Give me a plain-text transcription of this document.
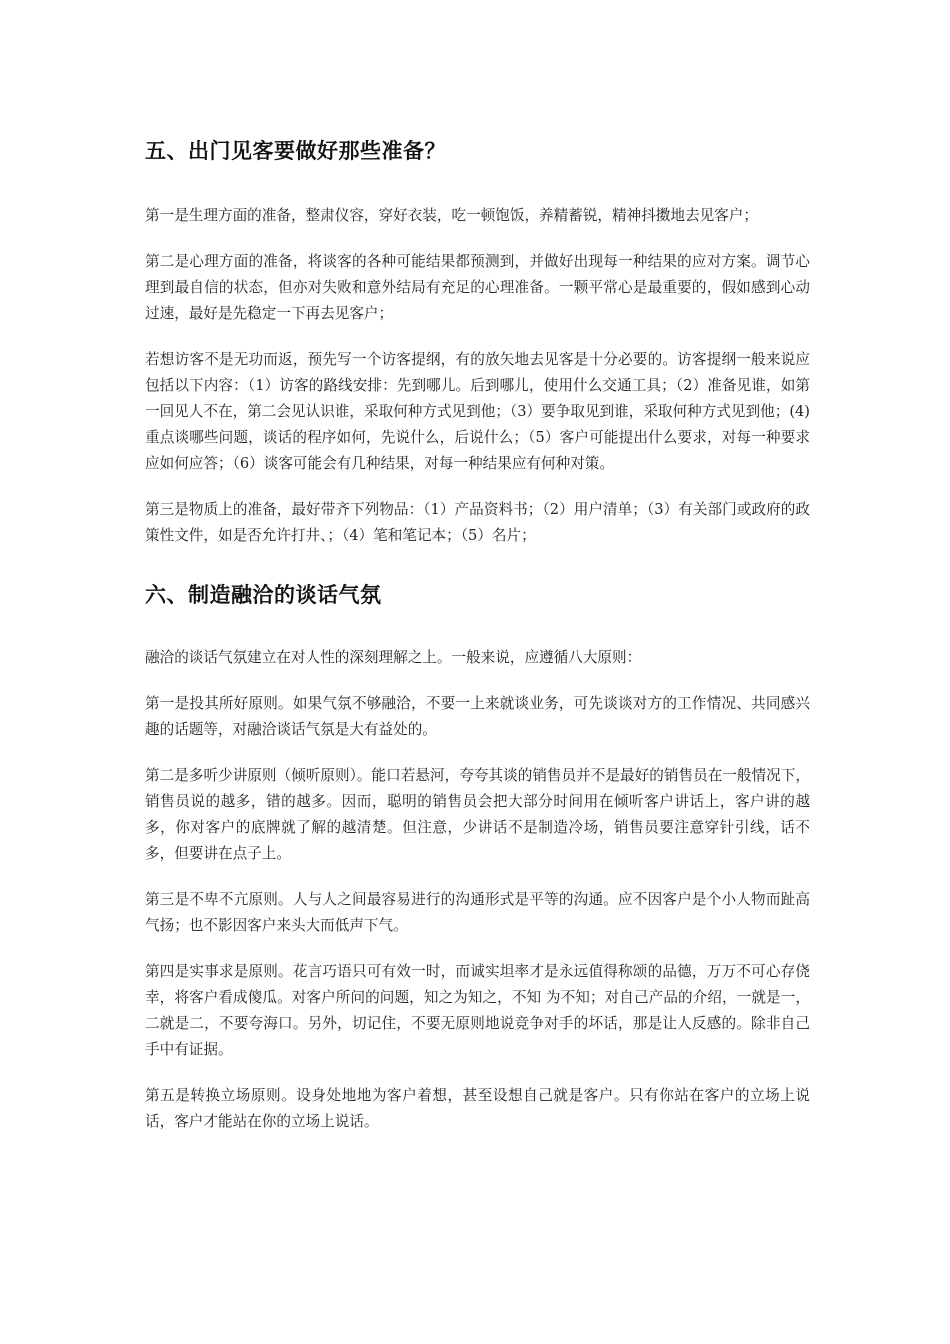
五、出门见客要做好那些准备？

第一是生理方面的准备，整肃仪容，穿好衣装，吃一顿饱饭，养精蓄锐，精神抖擞地去见客户；

第二是心理方面的准备，将谈客的各种可能结果都预测到，并做好出现每一种结果的应对方案。调节心理到最自信的状态，但亦对失败和意外结局有充足的心理准备。一颗平常心是最重要的，假如感到心动过速，最好是先稳定一下再去见客户；

若想访客不是无功而返，预先写一个访客提纲，有的放矢地去见客是十分必要的。访客提纲一般来说应包括以下内容：（1）访客的路线安排：先到哪儿。后到哪儿，使用什么交通工具；（2）准备见谁，如第一回见人不在，第二会见认识谁，采取何种方式见到他；（3）要争取见到谁，采取何种方式见到他；(4)重点谈哪些问题，谈话的程序如何，先说什么，后说什么；（5）客户可能提出什么要求，对每一种要求应如何应答；（6）谈客可能会有几种结果，对每一种结果应有何种对策。

第三是物质上的准备，最好带齐下列物品：（1）产品资料书；（2）用户清单；（3）有关部门或政府的政策性文件，如是否允许打井、；（4）笔和笔记本；（5）名片；

六、制造融洽的谈话气氛

融洽的谈话气氛建立在对人性的深刻理解之上。一般来说，应遵循八大原则：

第一是投其所好原则。如果气氛不够融洽，不要一上来就谈业务，可先谈谈对方的工作情况、共同感兴趣的话题等，对融洽谈话气氛是大有益处的。

第二是多听少讲原则（倾听原则）。能口若悬河，夸夸其谈的销售员并不是最好的销售员在一般情况下，销售员说的越多，错的越多。因而，聪明的销售员会把大部分时间用在倾听客户讲话上，客户讲的越多，你对客户的底牌就了解的越清楚。但注意，少讲话不是制造冷场，销售员要注意穿针引线，话不多，但要讲在点子上。

第三是不卑不亢原则。人与人之间最容易进行的沟通形式是平等的沟通。应不因客户是个小人物而趾高气扬；也不影因客户来头大而低声下气。

第四是实事求是原则。花言巧语只可有效一时，而诚实坦率才是永远值得称颂的品德，万万不可心存侥幸，将客户看成傻瓜。对客户所问的问题，知之为知之，不知 为不知；对自己产品的介绍，一就是一，二就是二，不要夸海口。另外，切记住，不要无原则地说竞争对手的坏话，那是让人反感的。除非自己手中有证据。

第五是转换立场原则。设身处地地为客户着想，甚至设想自己就是客户。只有你站在客户的立场上说话，客户才能站在你的立场上说话。
